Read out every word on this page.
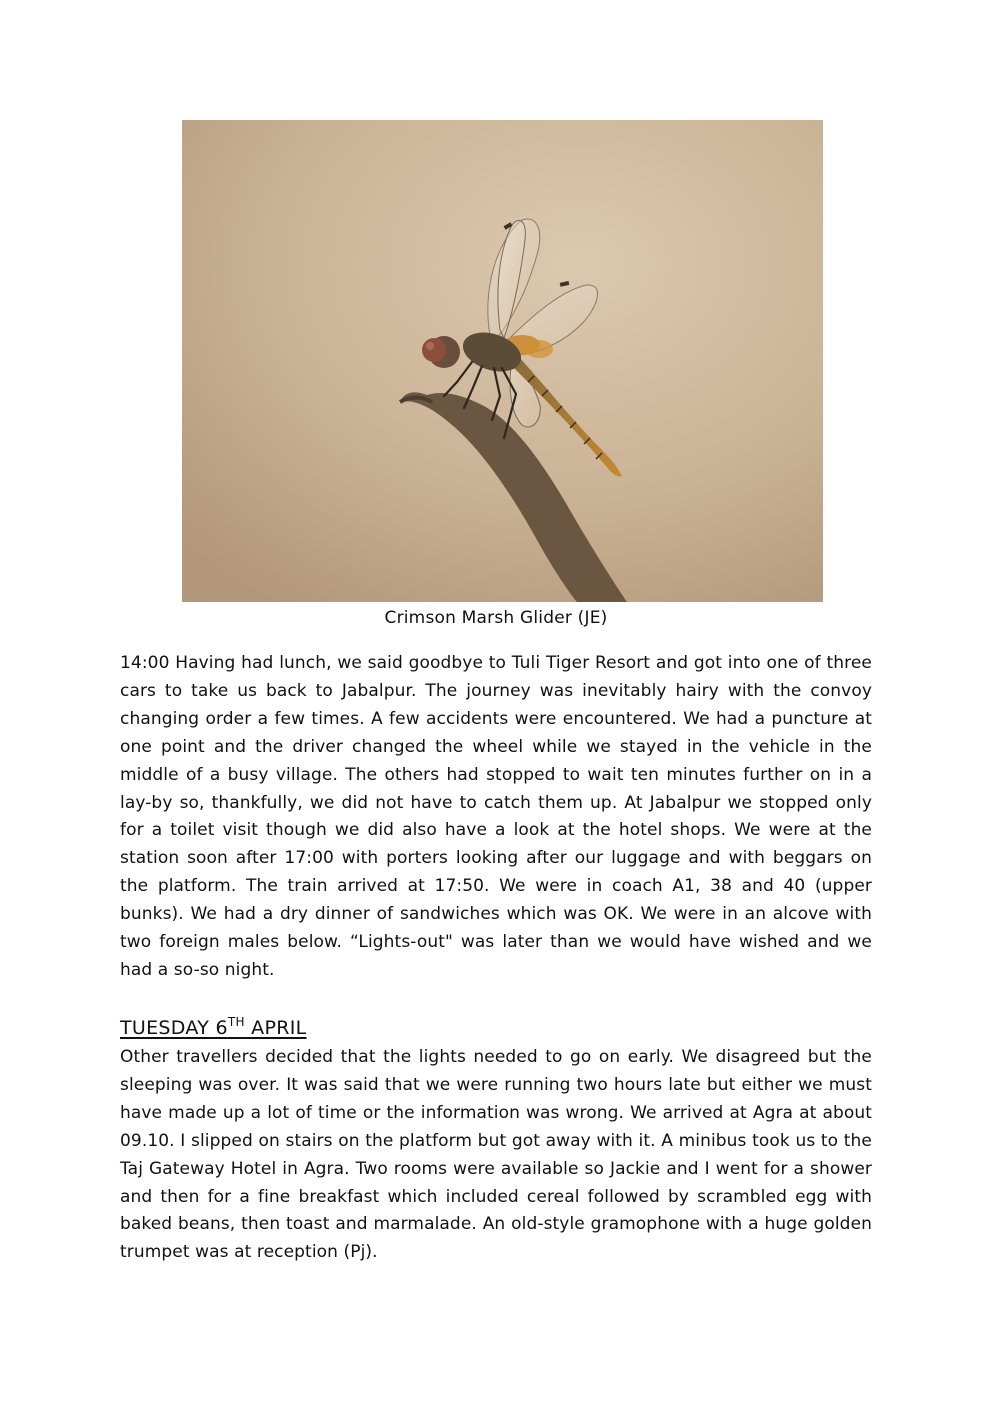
Crimson Marsh Glider (JE)

14:00 Having had lunch, we said goodbye to Tuli Tiger Resort and got into one of three cars to take us back to Jabalpur. The journey was inevitably hairy with the convoy changing order a few times. A few accidents were encountered. We had a puncture at one point and the driver changed the wheel while we stayed in the vehicle in the middle of a busy village. The others had stopped to wait ten minutes further on in a lay-by so, thankfully, we did not have to catch them up. At Jabalpur we stopped only for a toilet visit though we did also have a look at the hotel shops. We were at the station soon after 17:00 with porters looking after our luggage and with beggars on the platform. The train arrived at 17:50. We were in coach A1, 38 and 40 (upper bunks). We had a dry dinner of sandwiches which was OK. We were in an alcove with two foreign males below. “Lights-out" was later than we would have wished and we had a so-so night.

TUESDAY 6TH APRIL

Other travellers decided that the lights needed to go on early. We disagreed but the sleeping was over. It was said that we were running two hours late but either we must have made up a lot of time or the information was wrong. We arrived at Agra at about 09.10. I slipped on stairs on the platform but got away with it. A minibus took us to the Taj Gateway Hotel in Agra. Two rooms were available so Jackie and I went for a shower and then for a fine breakfast which included cereal followed by scrambled egg with baked beans, then toast and marmalade. An old-style gramophone with a huge golden trumpet was at reception (Pj).
